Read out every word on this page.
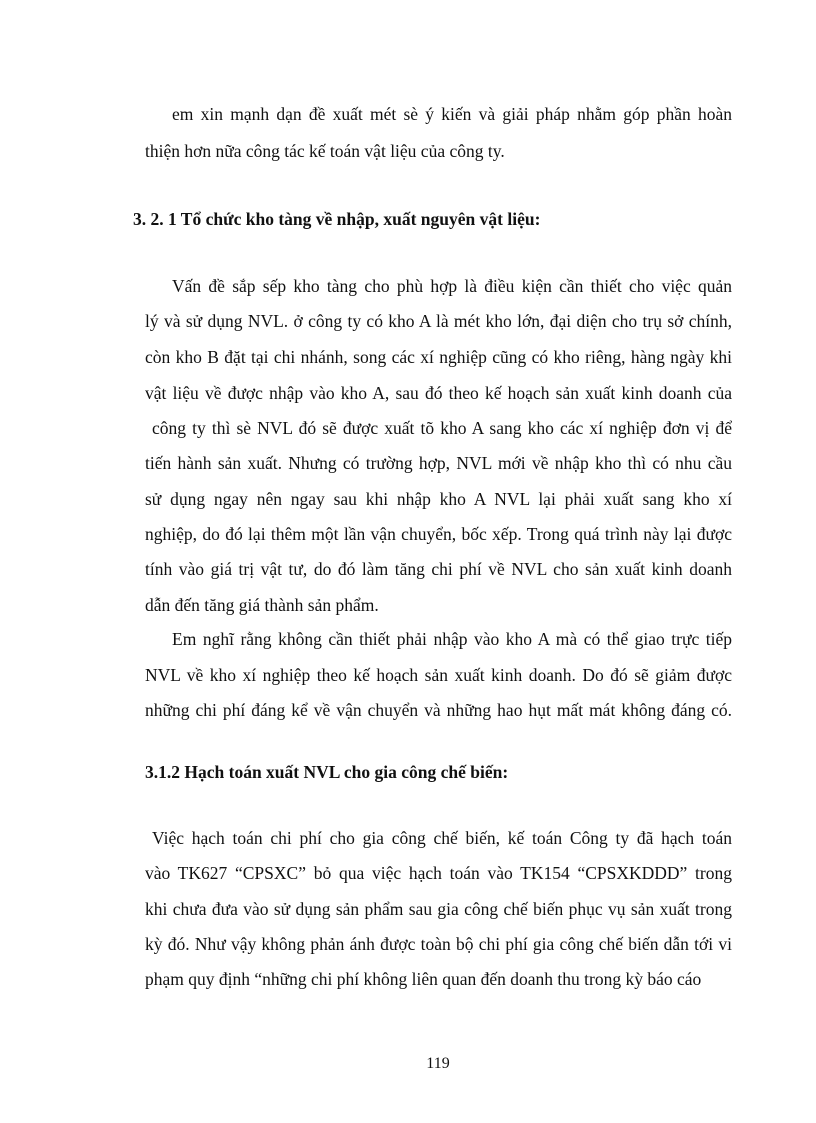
em xin mạnh dạn đề xuất mét sè ý kiến và giải pháp nhằm góp phần hoàn
thiện hơn nữa công tác kế toán vật liệu của công ty.
3. 2. 1 Tổ chức kho tàng về nhập, xuất nguyên vật liệu:
Vấn đề sắp sếp kho tàng cho phù hợp là điều kiện cần thiết cho việc quản
lý và sử dụng NVL. ở công ty có kho A là mét kho lớn, đại diện cho trụ sở chính,
còn kho B đặt tại chi nhánh, song các xí nghiệp cũng có kho riêng, hàng ngày khi
vật liệu về được nhập vào kho A, sau đó theo kế hoạch sản xuất kinh doanh của
công ty thì sè NVL đó sẽ được xuất tõ kho A sang kho các xí nghiệp đơn vị để
tiến hành sản xuất. Nhưng có trường hợp, NVL mới về nhập kho thì có nhu cầu
sử dụng ngay nên ngay sau khi nhập kho A NVL lại phải xuất sang kho xí
nghiệp, do đó lại thêm một lần vận chuyển, bốc xếp. Trong quá trình này lại được
tính vào giá trị vật tư, do đó làm tăng chi phí về NVL cho sản xuất kinh doanh
dẫn đến tăng giá thành sản phẩm.
Em nghĩ rằng không cần thiết phải nhập vào kho A mà có thể giao trực tiếp
NVL về kho xí nghiệp theo kế hoạch sản xuất kinh doanh. Do đó sẽ giảm được
những chi phí đáng kể về vận chuyển và những hao hụt mất mát không đáng có.
3.1.2 Hạch toán xuất NVL cho gia công chế biến:
Việc hạch toán chi phí cho gia công chế biến, kế toán Công ty đã hạch toán
vào TK627 “CPSXC” bỏ qua việc hạch toán vào TK154 “CPSXKDDD” trong
khi chưa đưa vào sử dụng sản phẩm sau gia công chế biến phục vụ sản xuất trong
kỳ đó. Như vậy không phản ánh được toàn bộ chi phí gia công chế biến dẫn tới vi
phạm quy định “những chi phí không liên quan đến doanh thu trong kỳ báo cáo
119
